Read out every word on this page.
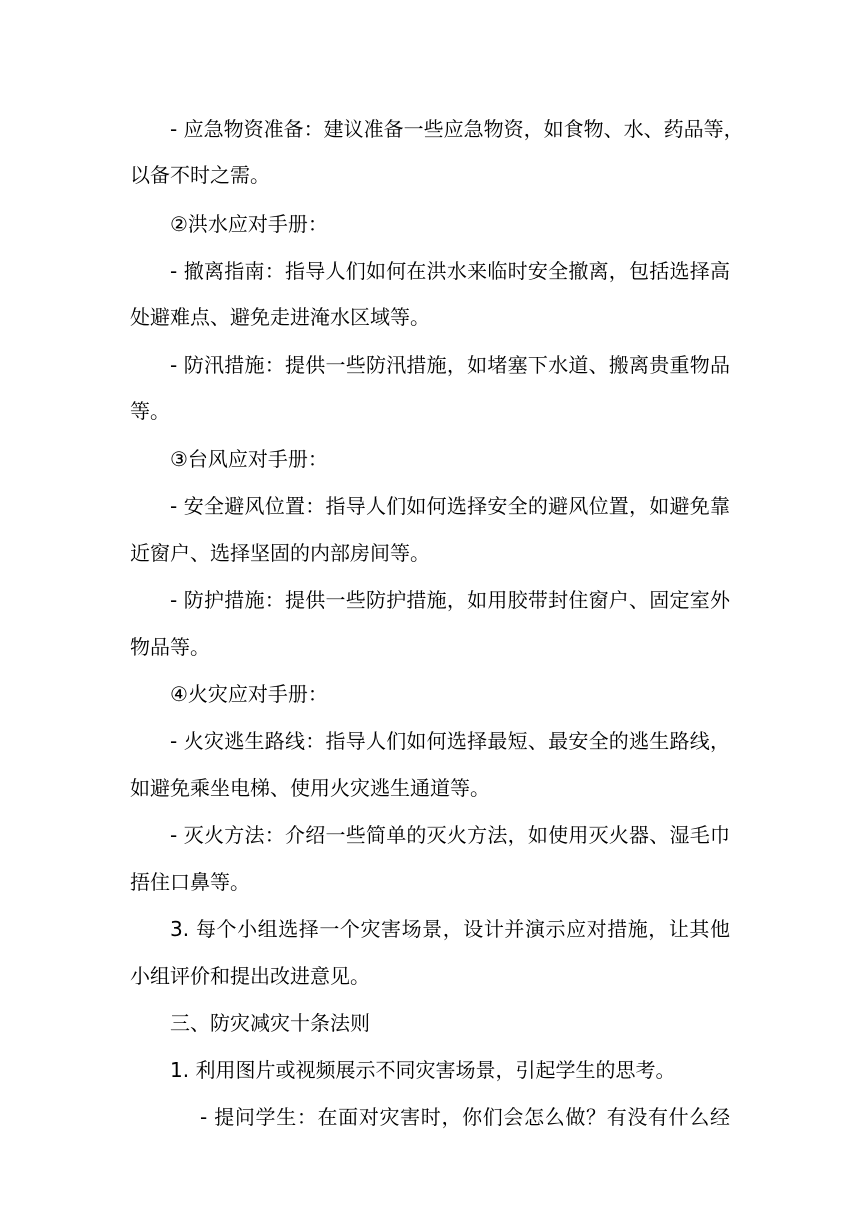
- 应急物资准备：建议准备一些应急物资，如食物、水、药品等，
以备不时之需。
②洪水应对手册：
- 撤离指南：指导人们如何在洪水来临时安全撤离，包括选择高
处避难点、避免走进淹水区域等。
- 防汛措施：提供一些防汛措施，如堵塞下水道、搬离贵重物品
等。
③台风应对手册：
- 安全避风位置：指导人们如何选择安全的避风位置，如避免靠
近窗户、选择坚固的内部房间等。
- 防护措施：提供一些防护措施，如用胶带封住窗户、固定室外
物品等。
④火灾应对手册：
- 火灾逃生路线：指导人们如何选择最短、最安全的逃生路线，
如避免乘坐电梯、使用火灾逃生通道等。
- 灭火方法：介绍一些简单的灭火方法，如使用灭火器、湿毛巾
捂住口鼻等。
3. 每个小组选择一个灾害场景，设计并演示应对措施，让其他
小组评价和提出改进意见。
三、防灾减灾十条法则
1. 利用图片或视频展示不同灾害场景，引起学生的思考。
- 提问学生：在面对灾害时，你们会怎么做？有没有什么经
